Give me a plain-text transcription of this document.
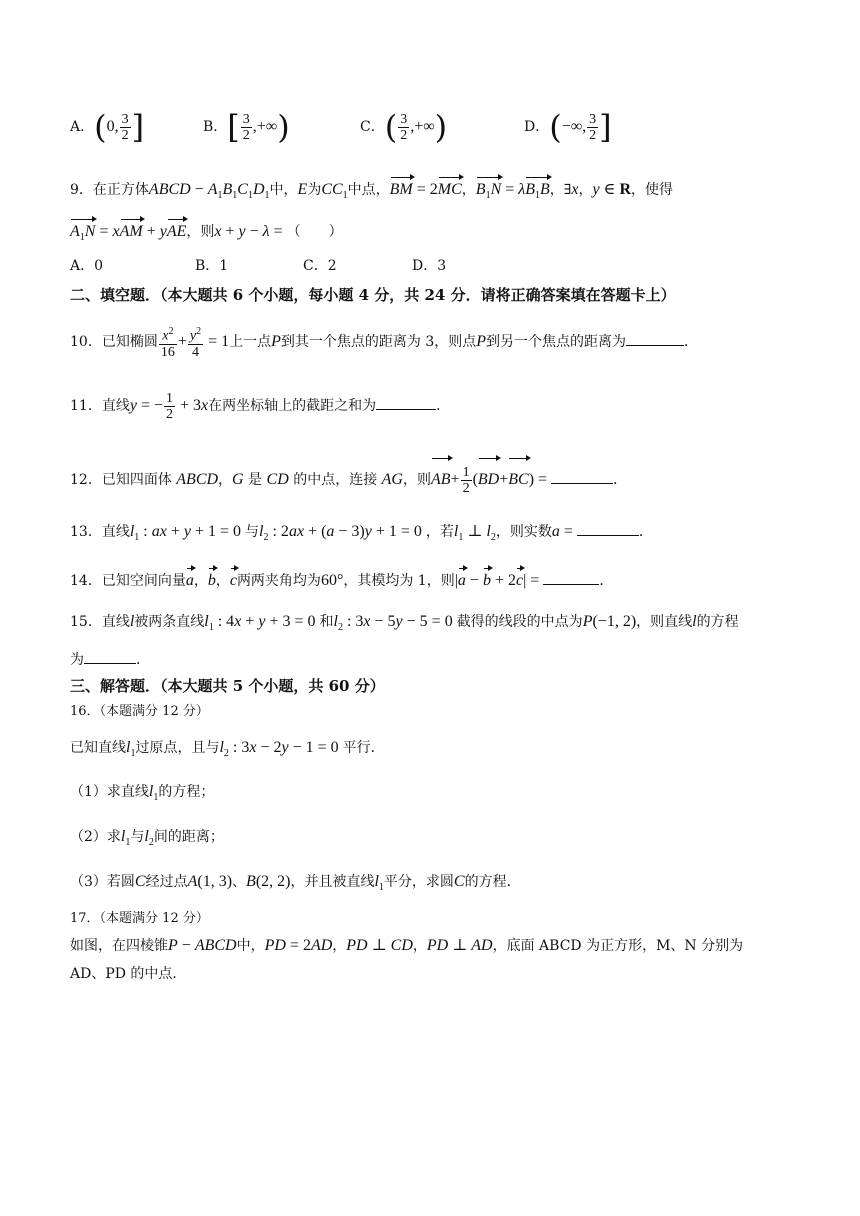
A．(0, $\frac{3}{2}$ ]	B．[ $\frac{3}{2}$ ,+∞)	C．( $\frac{3}{2}$ ,+∞)	D．(−∞, $\frac{3}{2}$ ]
9．在正方体ABCD − $A_1B_1C_1D_1$中，E为$CC_1$中点，BM = 2MC，$B_1N = \lambda B_1B$，∃x，y ∈ R，使得
$A_1N$ = xAM + yAE，则x + y − λ = （　　）
A．0	B．1	C．2	D．3
二、填空题．（本大题共 6 个小题，每小题 4 分，共 24 分．请将正确答案填在答题卡上）
10．已知椭圆 $\frac{x^2}{16} + \frac{y^2}{4} = 1$上一点P到其一个焦点的距离为 3，则点P到另一个焦点的距离为	．
11．直线y = − $\frac{1}{2} + 3x$在两坐标轴上的截距之和为	．
12．已知四面体 ABCD，G 是 CD 的中点，连接 AG，则$AB+ \frac{1}{2} (BD+BC)$ =	．
13．直线$l_1$ : ax + y + 1 = 0 与$l_2$ : 2ax + (a − 3)y + 1 = 0 ，若$l_1$ ⊥ $l_2$，则实数a =	．
14．已知空间向量a，b，c两两夹角均为60°，其模均为 1，则|a − b + 2c| =	．
15．直线l被两条直线$l_1$ : 4x + y + 3 = 0 和$l_2$ : 3x − 5y − 5 = 0 截得的线段的中点为P(−1, 2)，则直线l的方程
为	．
三、解答题．（本大题共 5 个小题，共 60 分）
16．（本题满分 12 分）
已知直线$l_1$过原点，且与$l_2$ : 3x − 2y − 1 = 0 平行．
（1）求直线$l_1$的方程；
（2）求$l_1$与$l_2$间的距离；
（3）若圆C经过点A(1, 3)、B(2, 2)，并且被直线$l_1$平分，求圆C的方程．
17．（本题满分 12 分）
如图，在四棱锥P − ABCD中，PD = 2AD，PD ⊥ CD，PD ⊥ AD，底面 ABCD 为正方形，M、N 分别为
AD、PD 的中点．
